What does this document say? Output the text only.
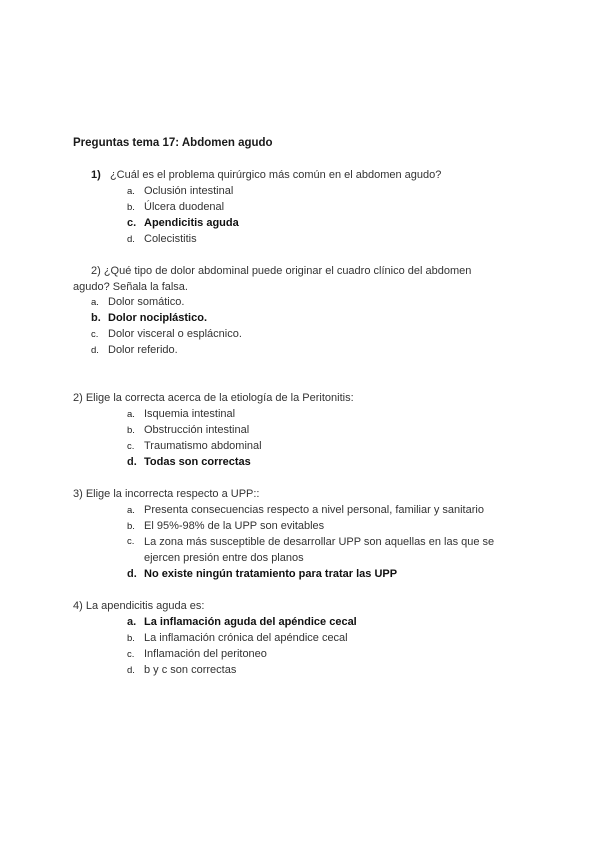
Preguntas tema 17: Abdomen agudo
1) ¿Cuál es el problema quirúrgico más común en el abdomen agudo?
a. Oclusión intestinal
b. Úlcera duodenal
c. Apendicitis aguda
d. Colecistitis
2) ¿Qué tipo de dolor abdominal puede originar el cuadro clínico del abdomen
agudo? Señala la falsa.
a. Dolor somático.
b. Dolor nociplástico.
c. Dolor visceral o esplácnico.
d. Dolor referido.
2) Elige la correcta acerca de la etiología de la Peritonitis:
a. Isquemia intestinal
b. Obstrucción intestinal
c. Traumatismo abdominal
d. Todas son correctas
3) Elige la incorrecta respecto a UPP::
a. Presenta consecuencias respecto a nivel personal, familiar y sanitario
b. El 95%-98% de la UPP son evitables
c. La zona más susceptible de desarrollar UPP son aquellas en las que se ejercen presión entre dos planos
d. No existe ningún tratamiento para tratar las UPP
4) La apendicitis aguda es:
a. La inflamación aguda del apéndice cecal
b. La inflamación crónica del apéndice cecal
c. Inflamación del peritoneo
d. b y c son correctas
